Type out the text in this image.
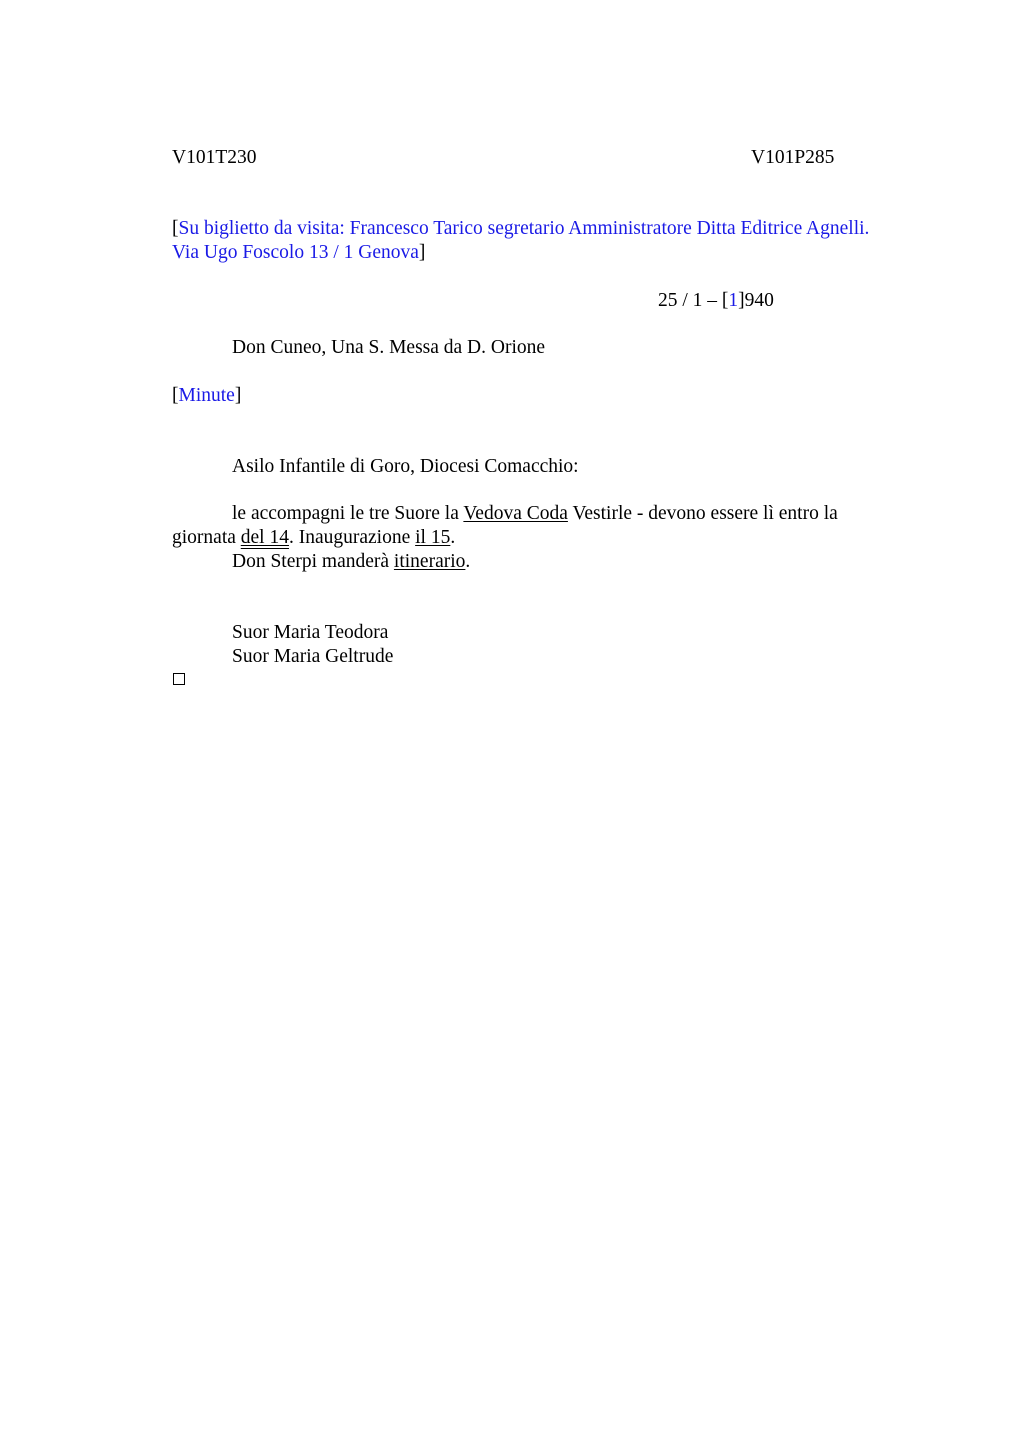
V101T230	V101P285
[Su biglietto da visita: Francesco Tarico segretario Amministratore Ditta Editrice Agnelli.
Via Ugo Foscolo 13 / 1 Genova]
25 / 1 – [1]940
Don Cuneo, Una S. Messa da D. Orione
[Minute]
Asilo Infantile di Goro, Diocesi Comacchio:
le accompagni le tre Suore la Vedova Coda Vestirle - devono essere lì entro la
giornata del 14. Inaugurazione il 15.
Don Sterpi manderà itinerario.
Suor Maria Teodora
Suor Maria Geltrude
